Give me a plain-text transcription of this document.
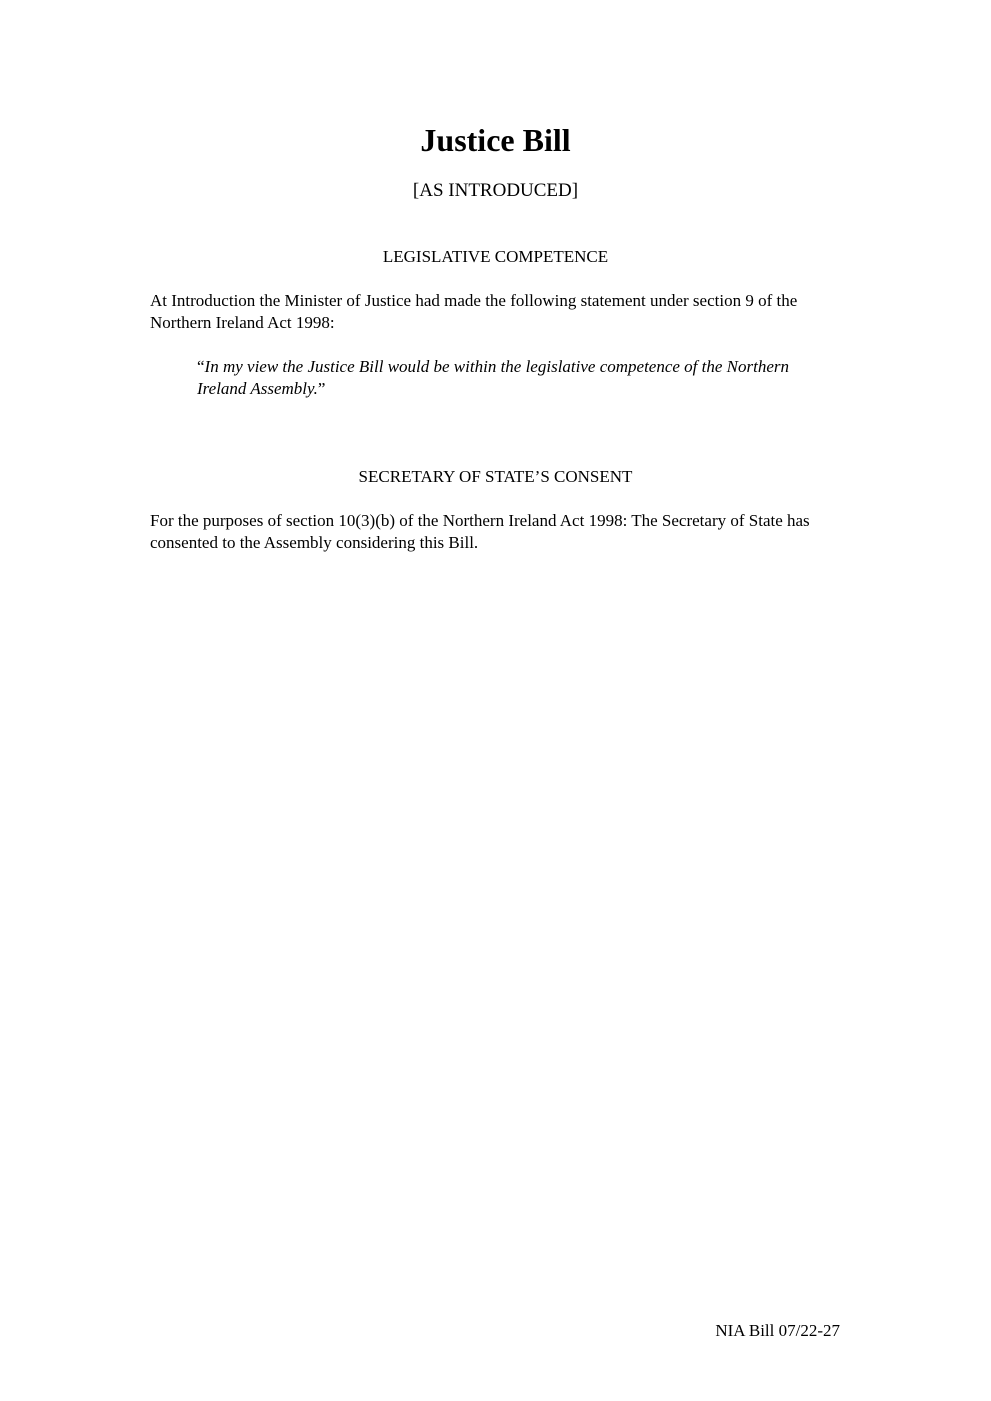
Justice Bill
[AS INTRODUCED]
LEGISLATIVE COMPETENCE
At Introduction the Minister of Justice had made the following statement under section 9 of the Northern Ireland Act 1998:
“In my view the Justice Bill would be within the legislative competence of the Northern Ireland Assembly.”
SECRETARY OF STATE’S CONSENT
For the purposes of section 10(3)(b) of the Northern Ireland Act 1998: The Secretary of State has consented to the Assembly considering this Bill.
NIA Bill 07/22-27
